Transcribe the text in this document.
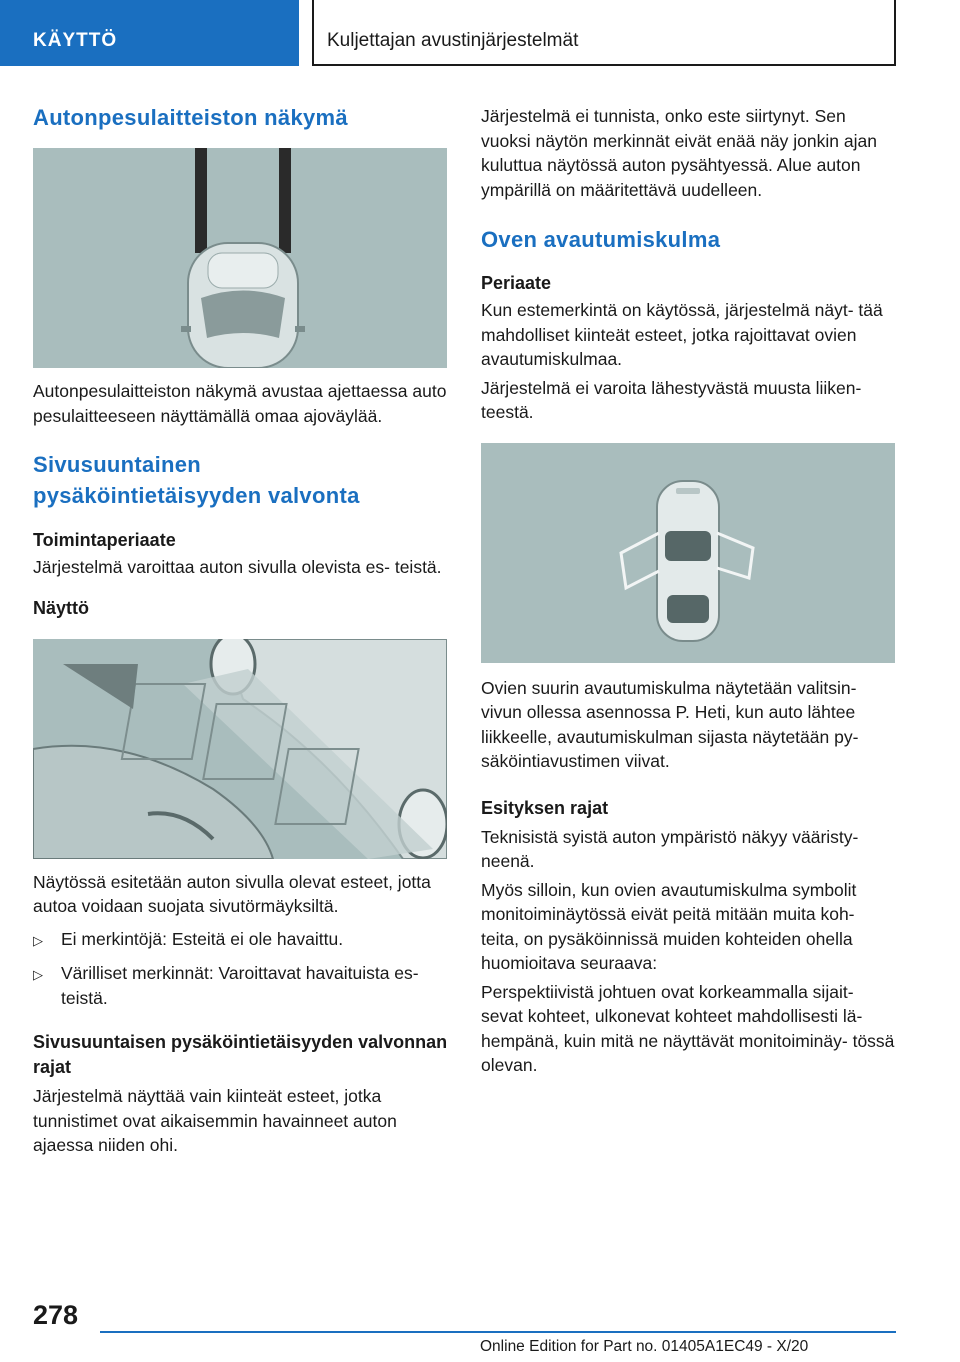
KÄYTTÖ	Kuljettajan avustinjärjestelmät
Autonpesulaitteiston näkymä

Autonpesulaitteiston näkymä avustaa ajettaessa auto pesulaitteeseen näyttämällä omaa ajoväylää.

Sivusuuntainen
pysäköintietäisyyden valvonta
Toimintaperiaate

Järjestelmä varoittaa auton sivulla olevista es- teistä.

Näyttö

Näytössä esitetään auton sivulla olevat esteet, jotta autoa voidaan suojata sivutörmäyksiltä.

▷ Ei merkintöjä: Esteitä ei ole havaittu.
▷ Värilliset merkinnät: Varoittavat havaituista es- teistä.
Sivusuuntaisen pysäköintietäisyyden valvonnan rajat

Järjestelmä näyttää vain kiinteät esteet, jotka tunnistimet ovat aikaisemmin havainneet auton ajaessa niiden ohi.

Järjestelmä ei tunnista, onko este siirtynyt. Sen vuoksi näytön merkinnät eivät enää näy jonkin ajan kuluttua näytössä auton pysähtyessä. Alue auton ympärillä on määritettävä uudelleen.

Oven avautumiskulma
Periaate

Kun estemerkintä on käytössä, järjestelmä näyt- tää mahdolliset kiinteät esteet, jotka rajoittavat ovien avautumiskulmaa.

Järjestelmä ei varoita lähestyvästä muusta liiken- teestä.

Ovien suurin avautumiskulma näytetään valitsin- vivun ollessa asennossa P. Heti, kun auto lähtee liikkeelle, avautumiskulman sijasta näytetään py- säköintiavustimen viivat.

Esityksen rajat

Teknisistä syistä auton ympäristö näkyy vääristy- neenä.

Myös silloin, kun ovien avautumiskulma symbolit monitoiminäytössä eivät peitä mitään muita koh- teita, on pysäköinnissä muiden kohteiden ohella huomioitava seuraava:

Perspektiivistä johtuen ovat korkeammalla sijait- sevat kohteet, ulkonevat kohteet mahdollisesti lä- hempänä, kuin mitä ne näyttävät monitoiminäy- tössä olevan.

278
Online Edition for Part no. 01405A1EC49 - X/20
